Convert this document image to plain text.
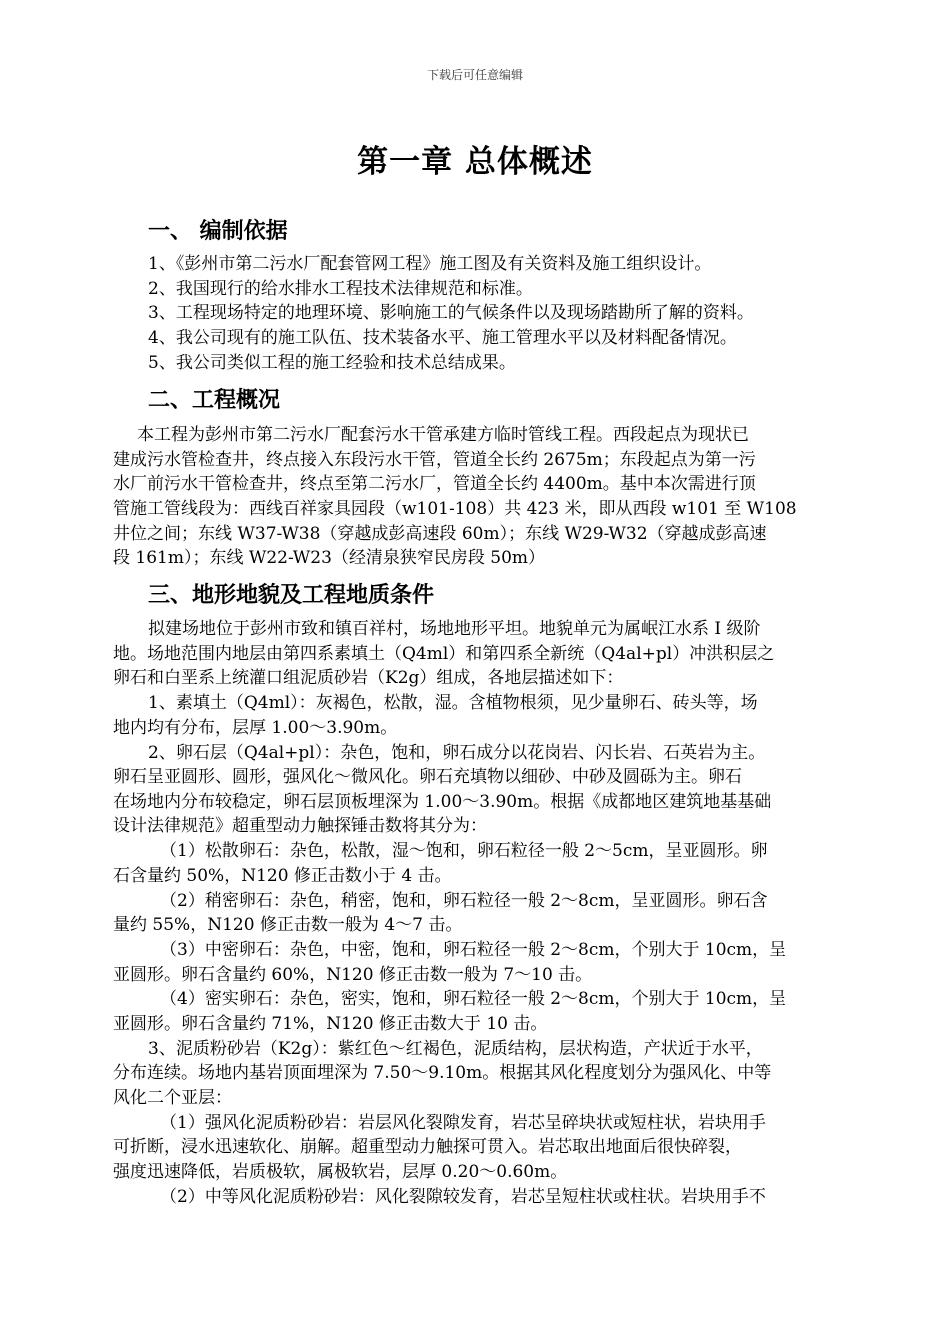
下载后可任意编辑
第一章 总体概述
一、 编制依据
1、《彭州市第二污水厂配套管网工程》施工图及有关资料及施工组织设计。
2、我国现行的给水排水工程技术法律规范和标准。
3、工程现场特定的地理环境、影响施工的气候条件以及现场踏勘所了解的资料。
4、我公司现有的施工队伍、技术装备水平、施工管理水平以及材料配备情况。
5、我公司类似工程的施工经验和技术总结成果。
二、工程概况
本工程为彭州市第二污水厂配套污水干管承建方临时管线工程。西段起点为现状已
建成污水管检查井，终点接入东段污水干管，管道全长约 2675m；东段起点为第一污
水厂前污水干管检查井，终点至第二污水厂，管道全长约 4400m。基中本次需进行顶
管施工管线段为：西线百祥家具园段（w101-108）共 423 米，即从西段 w101 至 W108
井位之间；东线 W37-W38（穿越成彭高速段 60m）；东线 W29-W32（穿越成彭高速
段 161m）；东线 W22-W23（经清泉狭窄民房段 50m）
三、地形地貌及工程地质条件
拟建场地位于彭州市致和镇百祥村，场地地形平坦。地貌单元为属岷江水系 I 级阶
地。场地范围内地层由第四系素填土（Q4ml）和第四系全新统（Q4al+pl）冲洪积层之
卵石和白垩系上统灌口组泥质砂岩（K2g）组成，各地层描述如下：
1、素填土（Q4ml）：灰褐色，松散，湿。含植物根须，见少量卵石、砖头等，场
地内均有分布，层厚 1.00～3.90m。
2、卵石层（Q4al+pl）：杂色，饱和，卵石成分以花岗岩、闪长岩、石英岩为主。
卵石呈亚圆形、圆形，强风化～微风化。卵石充填物以细砂、中砂及圆砾为主。卵石
在场地内分布较稳定，卵石层顶板埋深为 1.00～3.90m。根据《成都地区建筑地基基础
设计法律规范》超重型动力触探锤击数将其分为：
（1）松散卵石：杂色，松散，湿～饱和，卵石粒径一般 2～5cm，呈亚圆形。卵
石含量约 50%，N120 修正击数小于 4 击。
（2）稍密卵石：杂色，稍密，饱和，卵石粒径一般 2～8cm，呈亚圆形。卵石含
量约 55%，N120 修正击数一般为 4～7 击。
（3）中密卵石：杂色，中密，饱和，卵石粒径一般 2～8cm，个别大于 10cm，呈
亚圆形。卵石含量约 60%，N120 修正击数一般为 7～10 击。
（4）密实卵石：杂色，密实，饱和，卵石粒径一般 2～8cm，个别大于 10cm，呈
亚圆形。卵石含量约 71%，N120 修正击数大于 10 击。
3、泥质粉砂岩（K2g）：紫红色～红褐色，泥质结构，层状构造，产状近于水平，
分布连续。场地内基岩顶面埋深为 7.50～9.10m。根据其风化程度划分为强风化、中等
风化二个亚层：
（1）强风化泥质粉砂岩：岩层风化裂隙发育，岩芯呈碎块状或短柱状，岩块用手
可折断，浸水迅速软化、崩解。超重型动力触探可贯入。岩芯取出地面后很快碎裂，
强度迅速降低，岩质极软，属极软岩，层厚 0.20～0.60m。
（2）中等风化泥质粉砂岩：风化裂隙较发育，岩芯呈短柱状或柱状。岩块用手不
